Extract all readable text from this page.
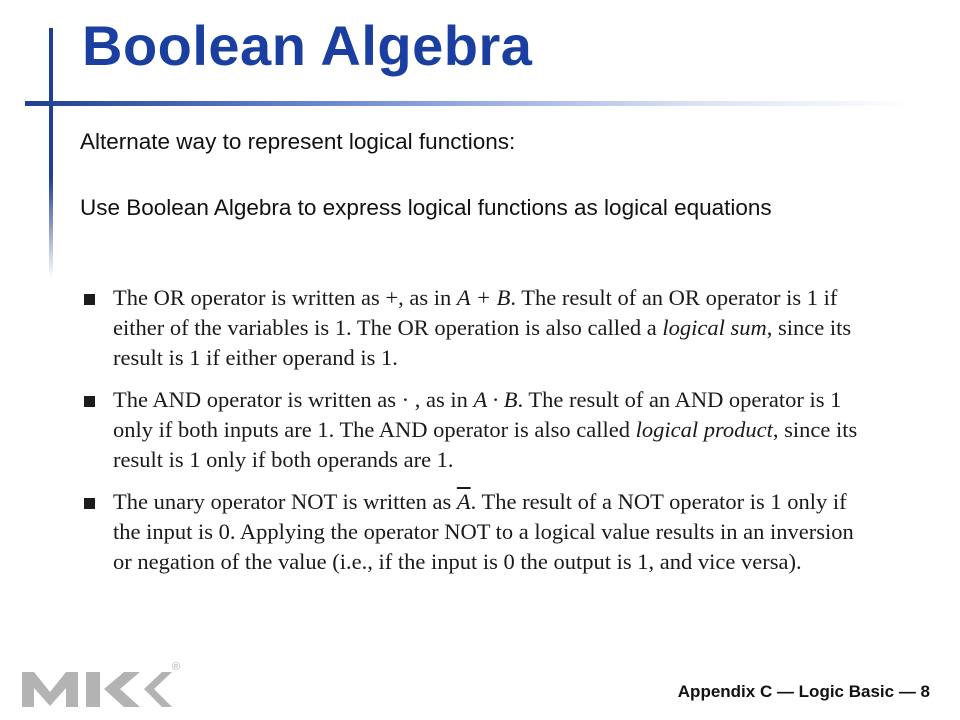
Boolean Algebra

Alternate way to represent logical functions:

Use Boolean Algebra to express logical functions as logical equations

The OR operator is written as +, as in A + B. The result of an OR operator is 1 if either of the variables is 1. The OR operation is also called a logical sum, since its result is 1 if either operand is 1.
The AND operator is written as · , as in A · B. The result of an AND operator is 1 only if both inputs are 1. The AND operator is also called logical product, since its result is 1 only if both operands are 1.
The unary operator NOT is written as $\overline{A}$. The result of a NOT operator is 1 only if the input is 0. Applying the operator NOT to a logical value results in an inversion or negation of the value (i.e., if the input is 0 the output is 1, and vice versa).
®
Appendix C — Logic Basic — 8
